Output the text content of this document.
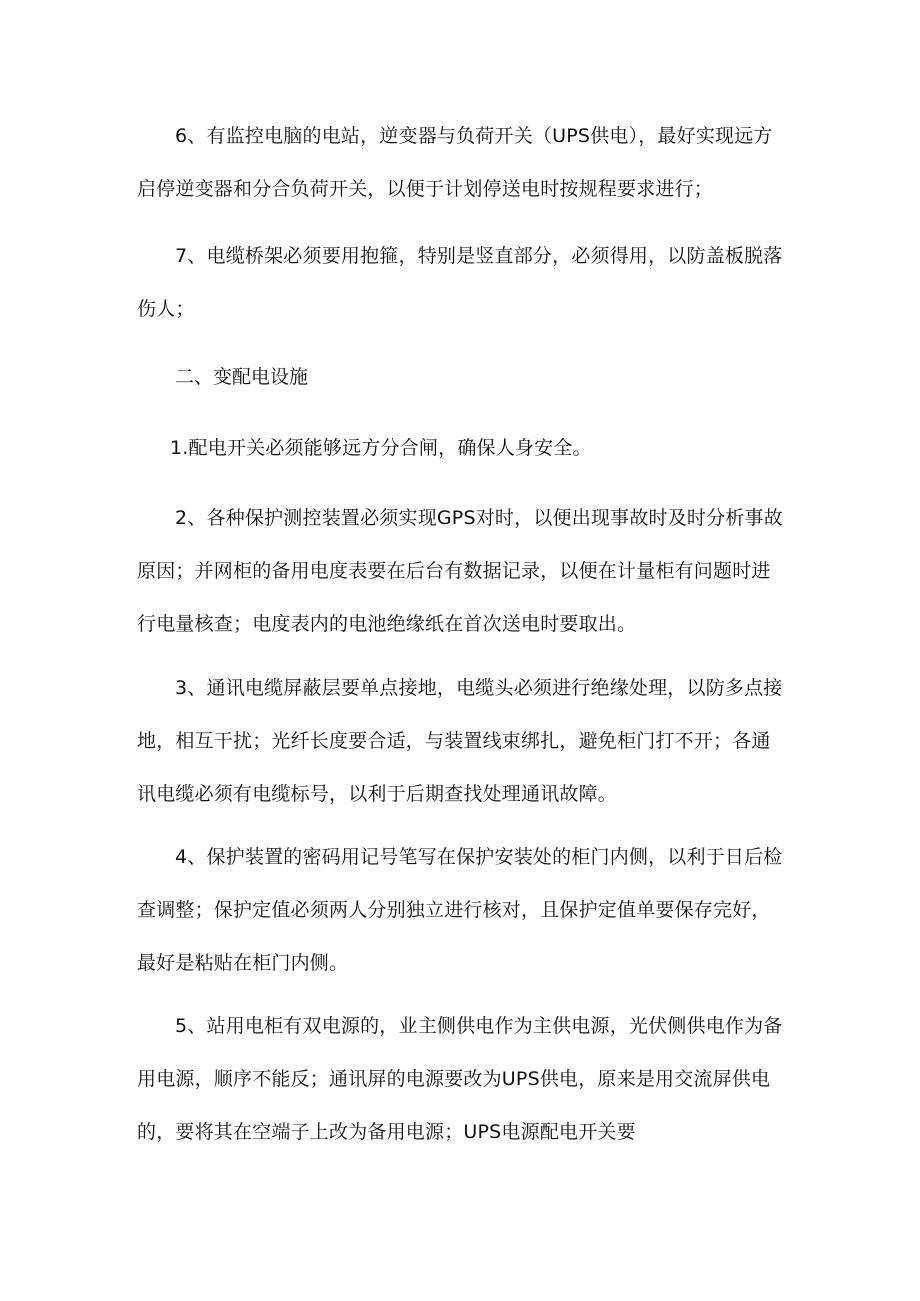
6、有监控电脑的电站，逆变器与负荷开关（UPS供电），最好实现远方启停逆变器和分合负荷开关，以便于计划停送电时按规程要求进行；

7、电缆桥架必须要用抱箍，特别是竖直部分，必须得用，以防盖板脱落伤人；

二、变配电设施

1.配电开关必须能够远方分合闸，确保人身安全。

2、各种保护测控装置必须实现GPS对时，以便出现事故时及时分析事故原因；并网柜的备用电度表要在后台有数据记录，以便在计量柜有问题时进行电量核查；电度表内的电池绝缘纸在首次送电时要取出。

3、通讯电缆屏蔽层要单点接地，电缆头必须进行绝缘处理，以防多点接地，相互干扰；光纤长度要合适，与装置线束绑扎，避免柜门打不开；各通讯电缆必须有电缆标号，以利于后期查找处理通讯故障。

4、保护装置的密码用记号笔写在保护安装处的柜门内侧，以利于日后检查调整；保护定值必须两人分别独立进行核对，且保护定值单要保存完好，最好是粘贴在柜门内侧。

5、站用电柜有双电源的，业主侧供电作为主供电源，光伏侧供电作为备用电源，顺序不能反；通讯屏的电源要改为UPS供电，原来是用交流屏供电的，要将其在空端子上改为备用电源；UPS电源配电开关要
